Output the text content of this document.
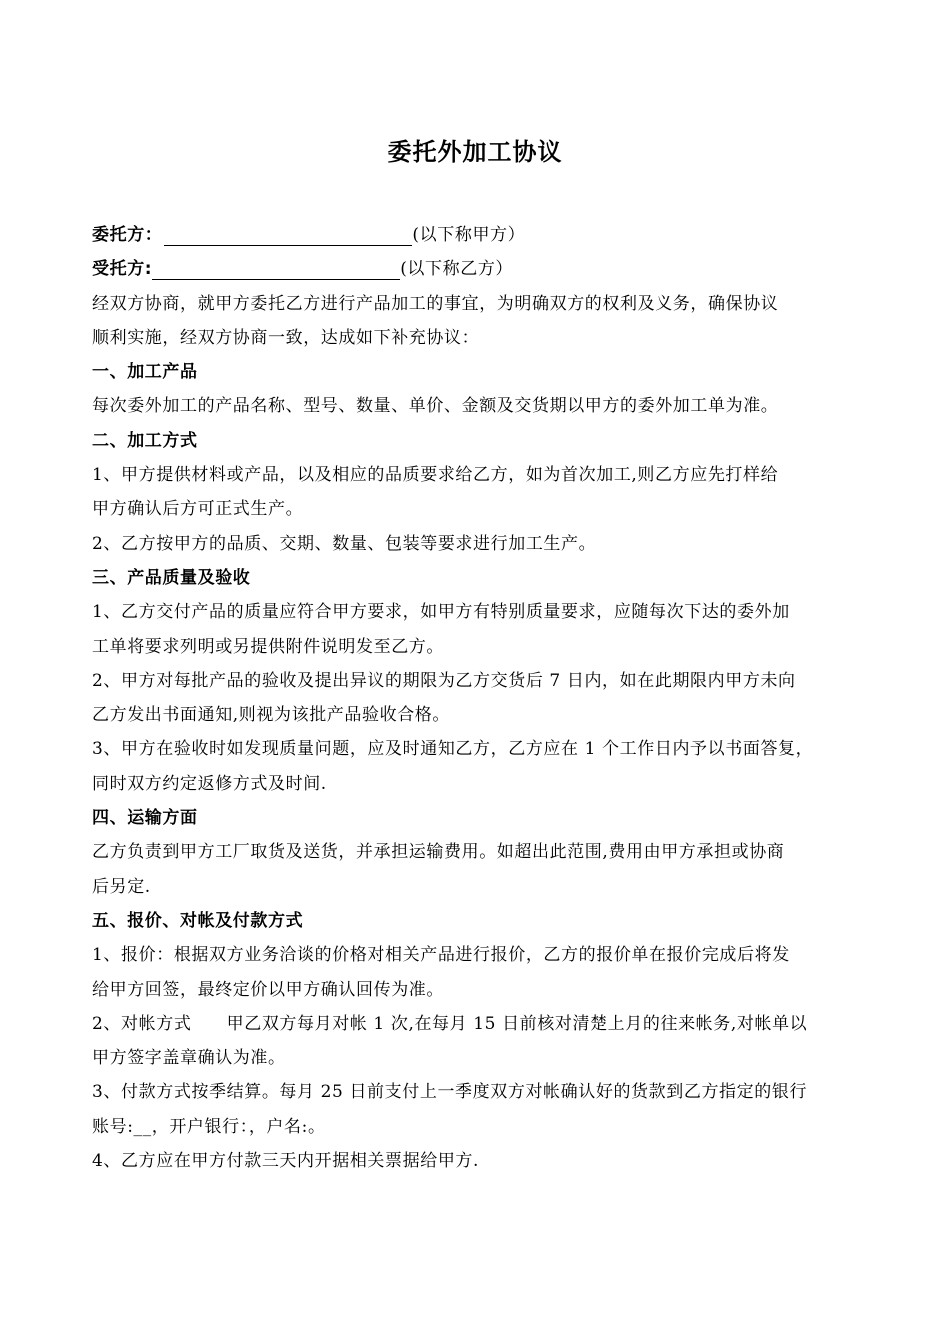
委托外加工协议
委托方：	(以下称甲方）
受托方:	(以下称乙方）
经双方协商，就甲方委托乙方进行产品加工的事宜，为明确双方的权利及义务，确保协议
顺利实施，经双方协商一致，达成如下补充协议：
一、加工产品
每次委外加工的产品名称、型号、数量、单价、金额及交货期以甲方的委外加工单为准。
二、加工方式
1、甲方提供材料或产品，以及相应的品质要求给乙方，如为首次加工,则乙方应先打样给
甲方确认后方可正式生产。
2、乙方按甲方的品质、交期、数量、包装等要求进行加工生产。
三、产品质量及验收
1、乙方交付产品的质量应符合甲方要求，如甲方有特别质量要求，应随每次下达的委外加
工单将要求列明或另提供附件说明发至乙方。
2、甲方对每批产品的验收及提出异议的期限为乙方交货后 7 日内，如在此期限内甲方未向
乙方发出书面通知,则视为该批产品验收合格。
3、甲方在验收时如发现质量问题，应及时通知乙方，乙方应在 1 个工作日内予以书面答复，
同时双方约定返修方式及时间.
四、运输方面
乙方负责到甲方工厂取货及送货，并承担运输费用。如超出此范围,费用由甲方承担或协商
后另定.
五、报价、对帐及付款方式
1、报价：根据双方业务洽谈的价格对相关产品进行报价，乙方的报价单在报价完成后将发
给甲方回签，最终定价以甲方确认回传为准。
2、对帐方式　　甲乙双方每月对帐 1 次,在每月 15 日前核对清楚上月的往来帐务,对帐单以
甲方签字盖章确认为准。
3、付款方式按季结算。每月 25 日前支付上一季度双方对帐确认好的货款到乙方指定的银行
账号:__，开户银行：，户名:。
4、乙方应在甲方付款三天内开据相关票据给甲方.
